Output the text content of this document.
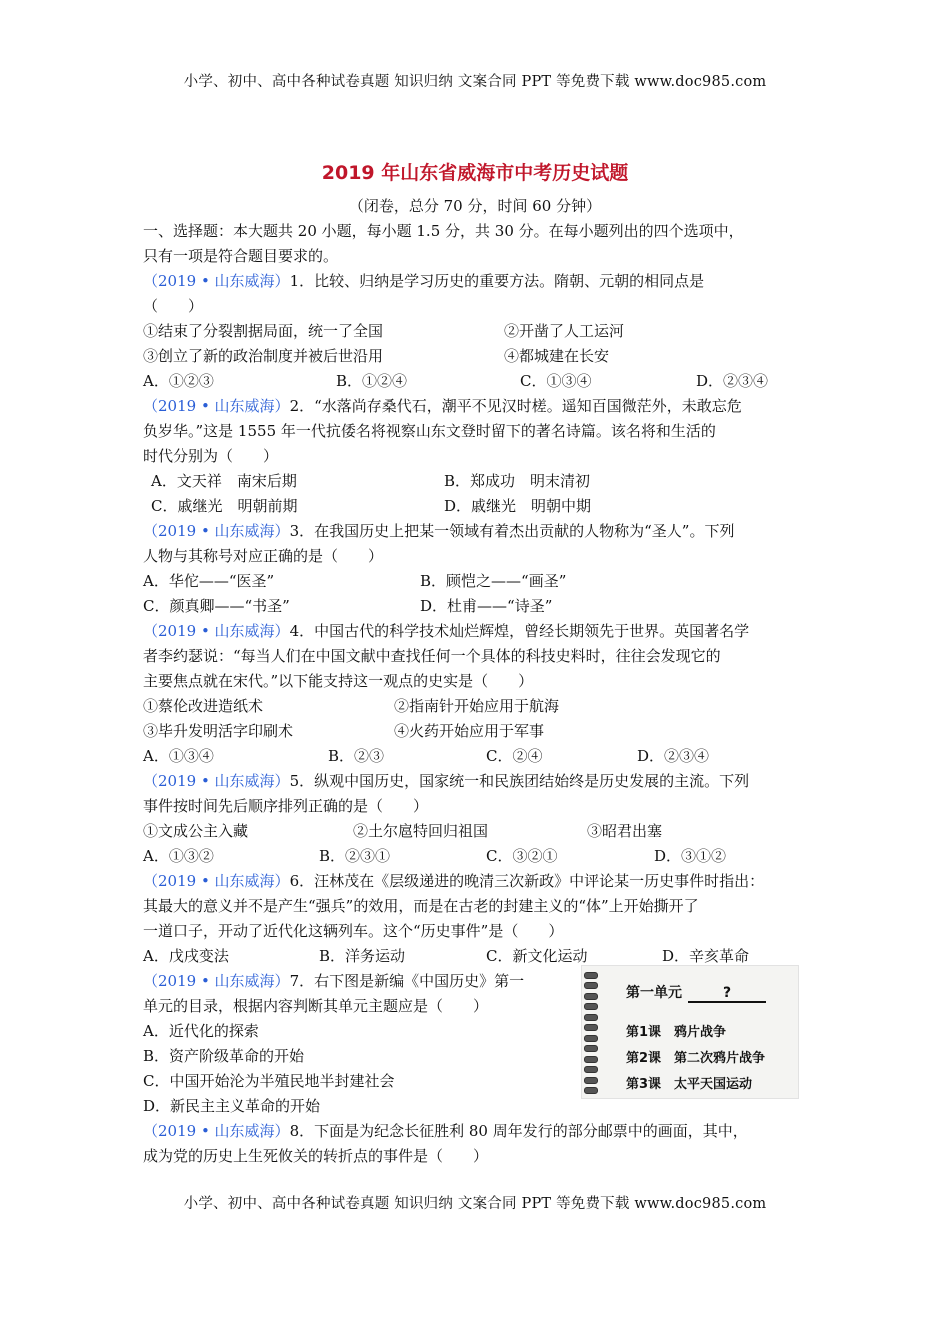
小学、初中、高中各种试卷真题 知识归纳 文案合同 PPT 等免费下载 www.doc985.com
2019 年山东省威海市中考历史试题
（闭卷，总分 70 分，时间 60 分钟）
一、选择题：本大题共 20 小题，每小题 1.5 分，共 30 分。在每小题列出的四个选项中，
只有一项是符合题目要求的。
（2019 • 山东威海）1．比较、归纳是学习历史的重要方法。隋朝、元朝的相同点是
（　　）
①结束了分裂割据局面，统一了全国	②开凿了人工运河
③创立了新的政治制度并被后世沿用	④都城建在长安
A．①②③	B．①②④	C．①③④	D．②③④
（2019 • 山东威海）2．“水落尚存桑代石，潮平不见汉时槎。遥知百国微茫外，未敢忘危
负岁华。”这是 1555 年一代抗倭名将视察山东文登时留下的著名诗篇。该名将和生活的
时代分别为（　　）
A．文天祥　南宋后期	B．郑成功　明末清初
C．戚继光　明朝前期	D．戚继光　明朝中期
（2019 • 山东威海）3．在我国历史上把某一领域有着杰出贡献的人物称为“圣人”。下列
人物与其称号对应正确的是（　　）
A．华佗——“医圣”	B．顾恺之——“画圣”
C．颜真卿——“书圣”	D．杜甫——“诗圣”
（2019 • 山东威海）4．中国古代的科学技术灿烂辉煌，曾经长期领先于世界。英国著名学
者李约瑟说：“每当人们在中国文献中查找任何一个具体的科技史料时，往往会发现它的
主要焦点就在宋代。”以下能支持这一观点的史实是（　　）
①蔡伦改进造纸术	②指南针开始应用于航海
③毕升发明活字印刷术	④火药开始应用于军事
A．①③④	B．②③	C．②④	D．②③④
（2019 • 山东威海）5．纵观中国历史，国家统一和民族团结始终是历史发展的主流。下列
事件按时间先后顺序排列正确的是（　　）
①文成公主入藏	②土尔扈特回归祖国	③昭君出塞
A．①③②	B．②③①	C．③②①	D．③①②
（2019 • 山东威海）6．汪林茂在《层级递进的晚清三次新政》中评论某一历史事件时指出：
其最大的意义并不是产生“强兵”的效用，而是在古老的封建主义的“体”上开始撕开了
一道口子，开动了近代化这辆列车。这个“历史事件”是（　　）
A．戊戌变法	B．洋务运动	C．新文化运动	D．辛亥革命
（2019 • 山东威海）7．右下图是新编《中国历史》第一
单元的目录，根据内容判断其单元主题应是（　　）
A．近代化的探索
B．资产阶级革命的开始
C．中国开始沦为半殖民地半封建社会
D．新民主主义革命的开始
第一单元	?
第1课　鸦片战争
第2课　第二次鸦片战争
第3课　太平天国运动
（2019 • 山东威海）8．下面是为纪念长征胜利 80 周年发行的部分邮票中的画面，其中，
成为党的历史上生死攸关的转折点的事件是（　　）
小学、初中、高中各种试卷真题 知识归纳 文案合同 PPT 等免费下载 www.doc985.com
